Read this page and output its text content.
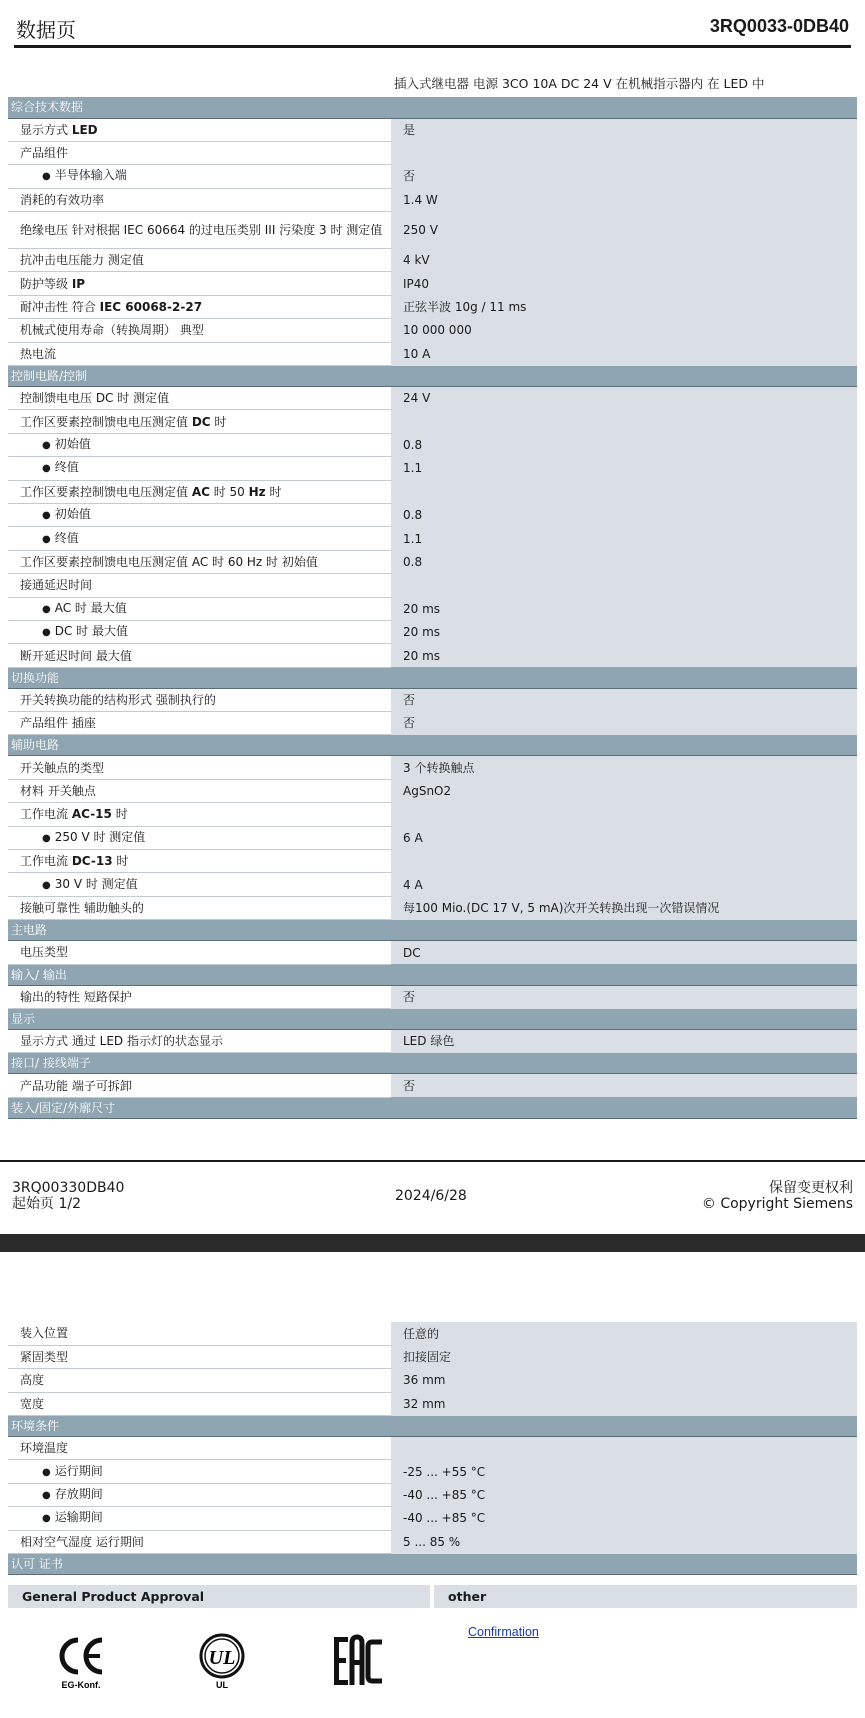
数据页	3RQ0033-0DB40
插入式继电器 电源 3CO 10A DC 24 V 在机械指示器内 在 LED 中
综合技术数据	
显示方式 LED	是
产品组件	
● 半导体输入端	否
消耗的有效功率	1.4 W
绝缘电压 针对根据 IEC 60664 的过电压类别 III 污染度 3 时 测定值	250 V
抗冲击电压能力 测定值	4 kV
防护等级 IP	IP40
耐冲击性 符合 IEC 60068-2-27	正弦半波 10g / 11 ms
机械式使用寿命（转换周期） 典型	10 000 000
热电流	10 A
控制电路/控制	
控制馈电电压 DC 时 测定值	24 V
工作区要素控制馈电电压测定值 DC 时	
● 初始值	0.8
● 终值	1.1
工作区要素控制馈电电压测定值 AC 时 50 Hz 时	
● 初始值	0.8
● 终值	1.1
工作区要素控制馈电电压测定值 AC 时 60 Hz 时 初始值	0.8
接通延迟时间	
● AC 时 最大值	20 ms
● DC 时 最大值	20 ms
断开延迟时间 最大值	20 ms
切换功能	
开关转换功能的结构形式 强制执行的	否
产品组件 插座	否
辅助电路	
开关触点的类型	3 个转换触点
材料 开关触点	AgSnO2
工作电流 AC-15 时	
● 250 V 时 测定值	6 A
工作电流 DC-13 时	
● 30 V 时 测定值	4 A
接触可靠性 辅助触头的	每100 Mio.(DC 17 V, 5 mA)次开关转换出现一次错误情况
主电路	
电压类型	DC
输入/ 输出	
输出的特性 短路保护	否
显示	
显示方式 通过 LED 指示灯的状态显示	LED 绿色
接口/ 接线端子	
产品功能 端子可拆卸	否
装入/固定/外廓尺寸	
3RQ00330DB40
起始页 1/2	2024/6/28	保留变更权利
© Copyright Siemens
装入位置	任意的
紧固类型	扣接固定
高度	36 mm
宽度	32 mm
环境条件	
环境温度	
● 运行期间	-25 ... +55 °C
● 存放期间	-40 ... +85 °C
● 运输期间	-40 ... +85 °C
相对空气湿度 运行期间	5 ... 85 %
认可 证书	
General Product Approval		other
EG-Konf.
UL
UL
Confirmation
